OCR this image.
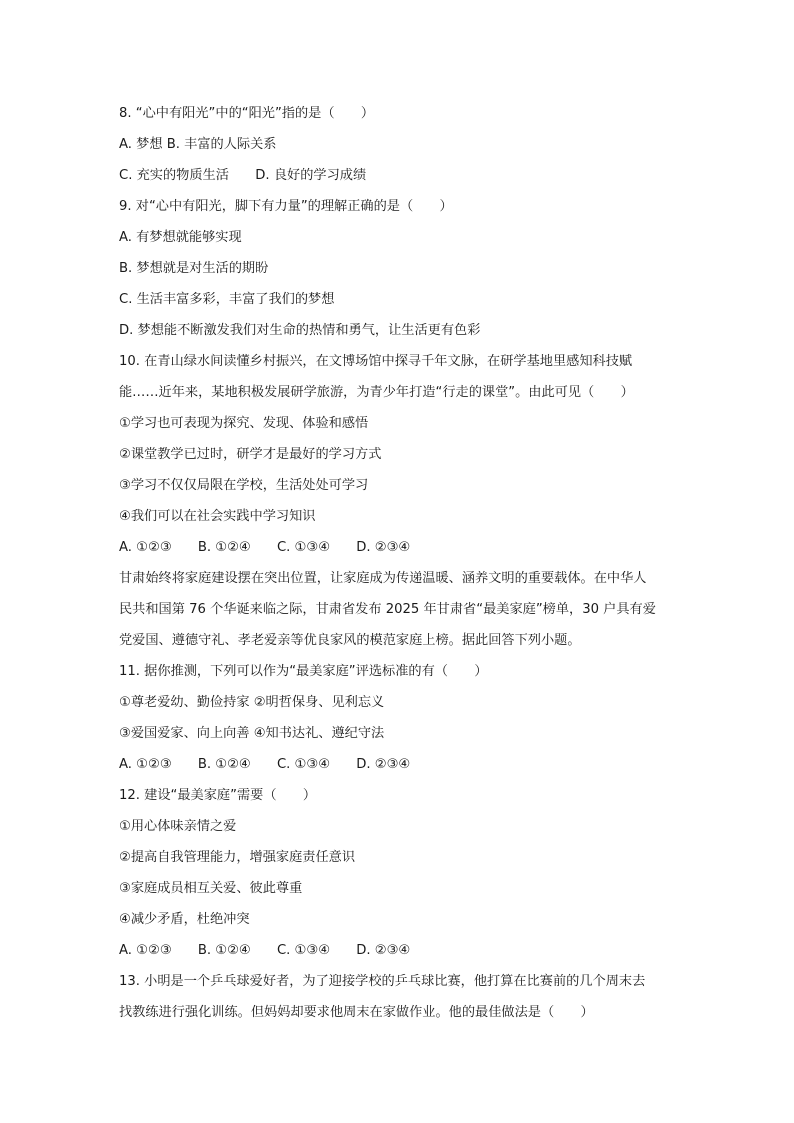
8. “心中有阳光”中的“阳光”指的是（　　）
A. 梦想 B. 丰富的人际关系
C. 充实的物质生活　　D. 良好的学习成绩
9. 对“心中有阳光，脚下有力量”的理解正确的是（　　）
A. 有梦想就能够实现
B. 梦想就是对生活的期盼
C. 生活丰富多彩，丰富了我们的梦想
D. 梦想能不断激发我们对生命的热情和勇气，让生活更有色彩
10. 在青山绿水间读懂乡村振兴，在文博场馆中探寻千年文脉，在研学基地里感知科技赋
能……近年来，某地积极发展研学旅游，为青少年打造“行走的课堂”。由此可见（　　）
①学习也可表现为探究、发现、体验和感悟
②课堂教学已过时，研学才是最好的学习方式
③学习不仅仅局限在学校，生活处处可学习
④我们可以在社会实践中学习知识
A. ①②③ B. ①②④ C. ①③④ D. ②③④
甘肃始终将家庭建设摆在突出位置，让家庭成为传递温暖、涵养文明的重要载体。在中华人
民共和国第 76 个华诞来临之际，甘肃省发布 2025 年甘肃省“最美家庭”榜单，30 户具有爱
党爱国、遵德守礼、孝老爱亲等优良家风的模范家庭上榜。据此回答下列小题。
11. 据你推测，下列可以作为“最美家庭”评选标准的有（　　）
①尊老爱幼、勤俭持家 ②明哲保身、见利忘义
③爱国爱家、向上向善 ④知书达礼、遵纪守法
A. ①②③ B. ①②④ C. ①③④ D. ②③④
12. 建设“最美家庭”需要（　　）
①用心体味亲情之爱
②提高自我管理能力，增强家庭责任意识
③家庭成员相互关爱、彼此尊重
④减少矛盾，杜绝冲突
A. ①②③ B. ①②④ C. ①③④ D. ②③④
13. 小明是一个乒乓球爱好者，为了迎接学校的乒乓球比赛，他打算在比赛前的几个周末去
找教练进行强化训练。但妈妈却要求他周末在家做作业。他的最佳做法是（　　）
